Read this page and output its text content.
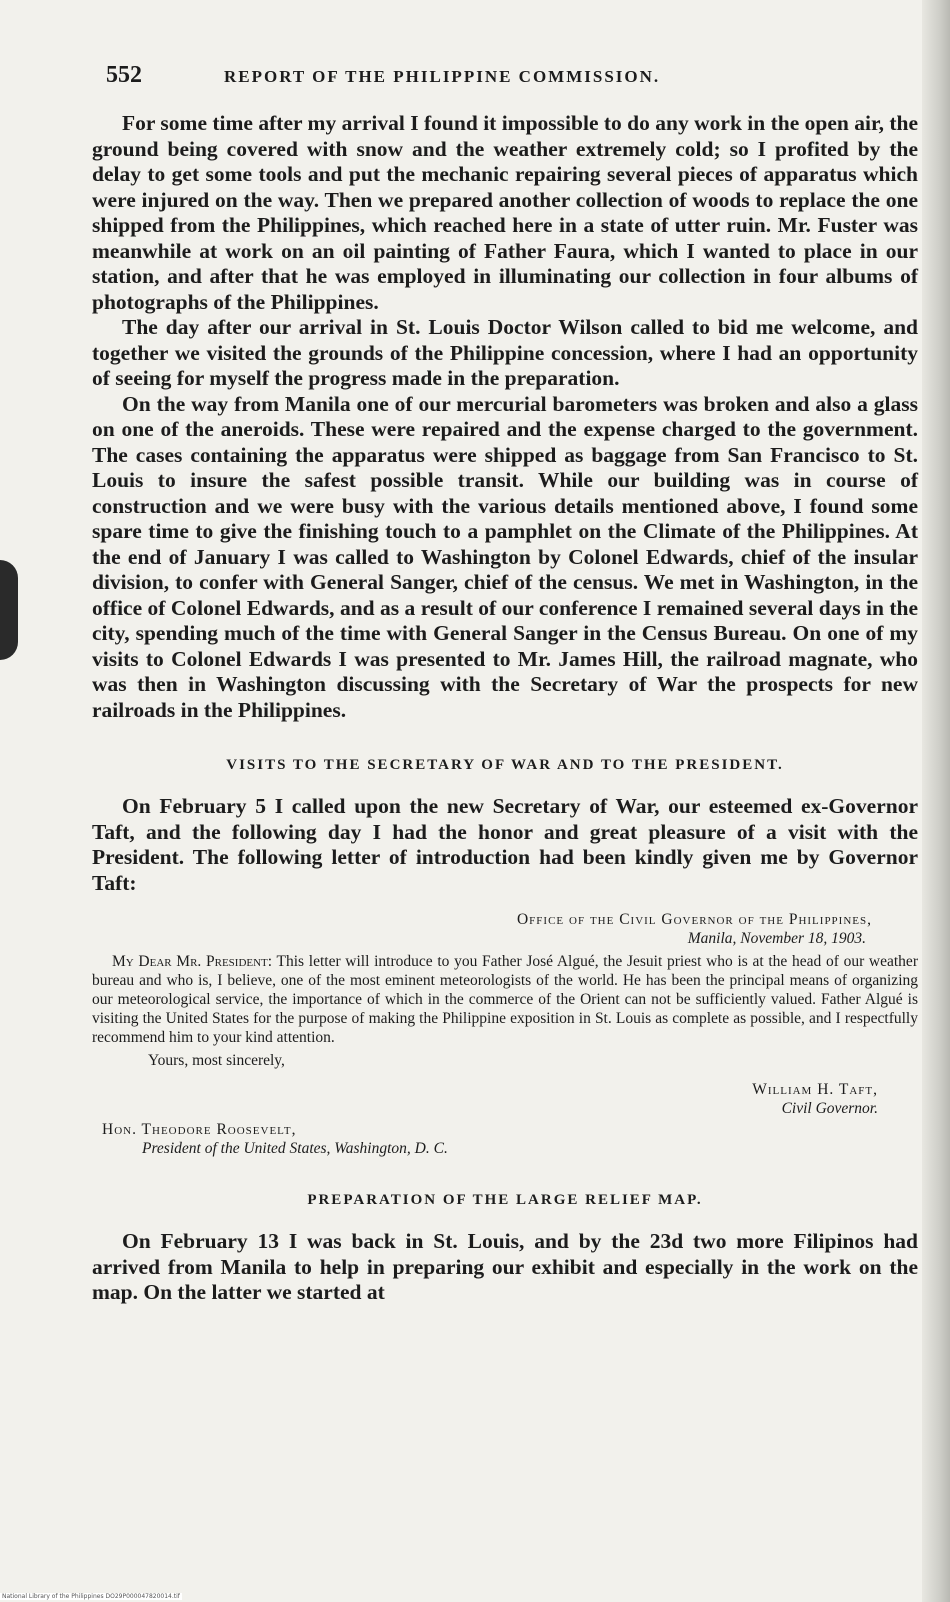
552	REPORT OF THE PHILIPPINE COMMISSION.

For some time after my arrival I found it impossible to do any work in the open air, the ground being covered with snow and the weather extremely cold; so I profited by the delay to get some tools and put the mechanic repairing several pieces of apparatus which were injured on the way. Then we prepared another collection of woods to replace the one shipped from the Philippines, which reached here in a state of utter ruin. Mr. Fuster was meanwhile at work on an oil painting of Father Faura, which I wanted to place in our station, and after that he was employed in illuminating our collection in four albums of photographs of the Philippines.

The day after our arrival in St. Louis Doctor Wilson called to bid me welcome, and together we visited the grounds of the Philippine concession, where I had an opportunity of seeing for myself the progress made in the preparation.

On the way from Manila one of our mercurial barometers was broken and also a glass on one of the aneroids. These were repaired and the expense charged to the government. The cases containing the apparatus were shipped as baggage from San Francisco to St. Louis to insure the safest possible transit. While our building was in course of construction and we were busy with the various details mentioned above, I found some spare time to give the finishing touch to a pamphlet on the Climate of the Philippines. At the end of January I was called to Washington by Colonel Edwards, chief of the insular division, to confer with General Sanger, chief of the census. We met in Washington, in the office of Colonel Edwards, and as a result of our conference I remained several days in the city, spending much of the time with General Sanger in the Census Bureau. On one of my visits to Colonel Edwards I was presented to Mr. James Hill, the railroad magnate, who was then in Washington discussing with the Secretary of War the prospects for new railroads in the Philippines.

VISITS TO THE SECRETARY OF WAR AND TO THE PRESIDENT.

On February 5 I called upon the new Secretary of War, our esteemed ex-Governor Taft, and the following day I had the honor and great pleasure of a visit with the President. The following letter of introduction had been kindly given me by Governor Taft:

Office of the Civil Governor of the Philippines,
Manila, November 18, 1903.

My Dear Mr. President: This letter will introduce to you Father José Algué, the Jesuit priest who is at the head of our weather bureau and who is, I believe, one of the most eminent meteorologists of the world. He has been the principal means of organizing our meteorological service, the importance of which in the commerce of the Orient can not be sufficiently valued. Father Algué is visiting the United States for the purpose of making the Philippine exposition in St. Louis as complete as possible, and I respectfully recommend him to your kind attention.

Yours, most sincerely,
William H. Taft,
Civil Governor.
Hon. Theodore Roosevelt,
President of the United States, Washington, D. C.
PREPARATION OF THE LARGE RELIEF MAP.

On February 13 I was back in St. Louis, and by the 23d two more Filipinos had arrived from Manila to help in preparing our exhibit and especially in the work on the map. On the latter we started at

National Library of the Philippines DO29P000047820014.tif
